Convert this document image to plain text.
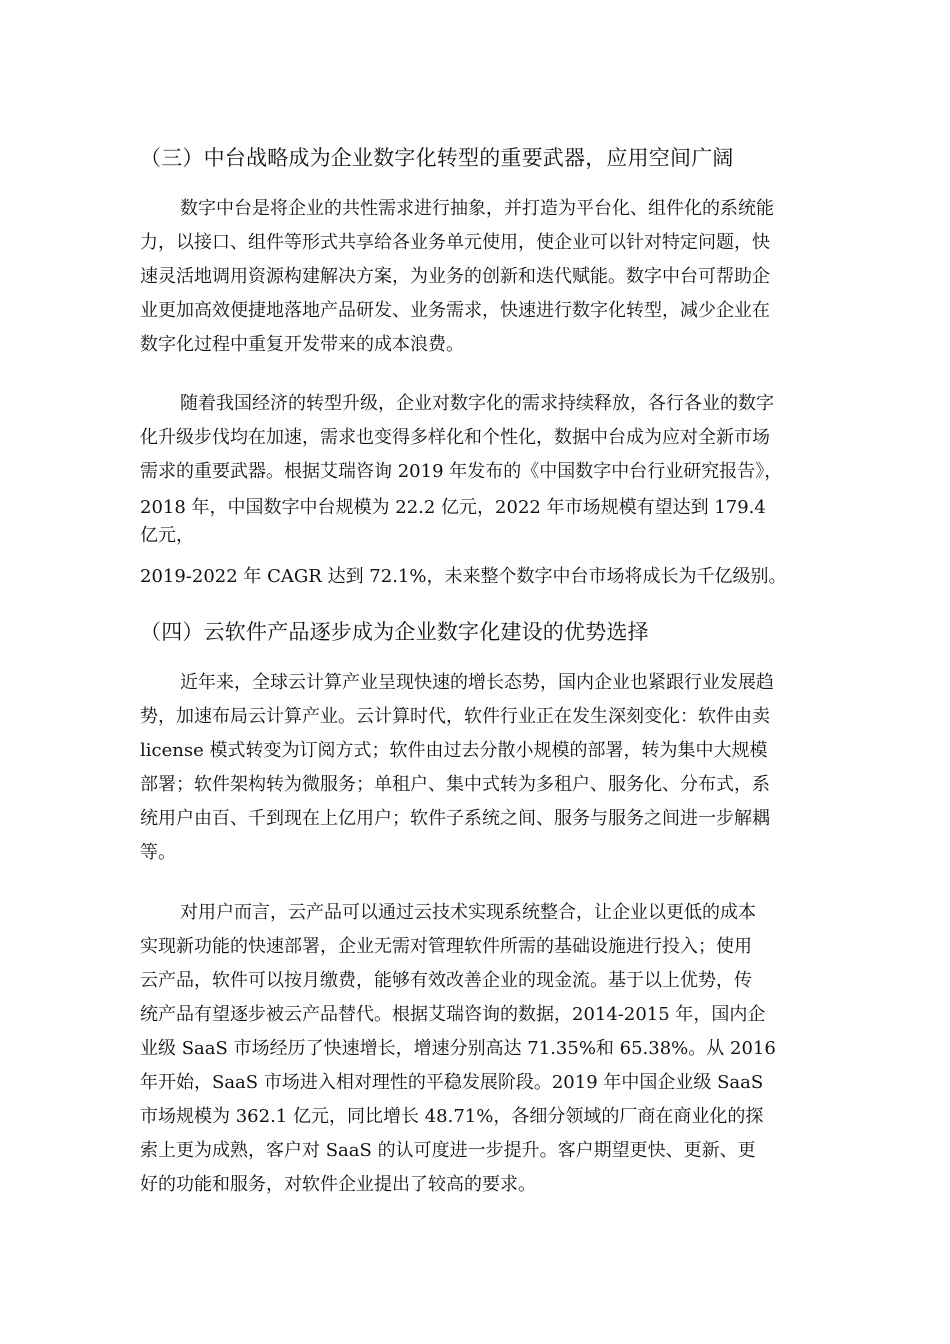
（三）中台战略成为企业数字化转型的重要武器，应用空间广阔
数字中台是将企业的共性需求进行抽象，并打造为平台化、组件化的系统能
力，以接口、组件等形式共享给各业务单元使用，使企业可以针对特定问题，快
速灵活地调用资源构建解决方案，为业务的创新和迭代赋能。数字中台可帮助企
业更加高效便捷地落地产品研发、业务需求，快速进行数字化转型，减少企业在
数字化过程中重复开发带来的成本浪费。
随着我国经济的转型升级，企业对数字化的需求持续释放，各行各业的数字
化升级步伐均在加速，需求也变得多样化和个性化，数据中台成为应对全新市场
需求的重要武器。根据艾瑞咨询 2019 年发布的《中国数字中台行业研究报告》，
2018 年，中国数字中台规模为 22.2 亿元，2022 年市场规模有望达到 179.4
亿元，
2019-2022 年 CAGR 达到 72.1%，未来整个数字中台市场将成长为千亿级别。
（四）云软件产品逐步成为企业数字化建设的优势选择
近年来，全球云计算产业呈现快速的增长态势，国内企业也紧跟行业发展趋
势，加速布局云计算产业。云计算时代，软件行业正在发生深刻变化：软件由卖
license 模式转变为订阅方式；软件由过去分散小规模的部署，转为集中大规模
部署；软件架构转为微服务；单租户、集中式转为多租户、服务化、分布式，系
统用户由百、千到现在上亿用户；软件子系统之间、服务与服务之间进一步解耦
等。
对用户而言，云产品可以通过云技术实现系统整合，让企业以更低的成本
实现新功能的快速部署，企业无需对管理软件所需的基础设施进行投入；使用
云产品，软件可以按月缴费，能够有效改善企业的现金流。基于以上优势，传
统产品有望逐步被云产品替代。根据艾瑞咨询的数据，2014-2015 年，国内企
业级 SaaS 市场经历了快速增长，增速分别高达 71.35%和 65.38%。从 2016
年开始，SaaS 市场进入相对理性的平稳发展阶段。2019 年中国企业级 SaaS
市场规模为 362.1 亿元，同比增长 48.71%，各细分领域的厂商在商业化的探
索上更为成熟，客户对 SaaS 的认可度进一步提升。客户期望更快、更新、更
好的功能和服务，对软件企业提出了较高的要求。
